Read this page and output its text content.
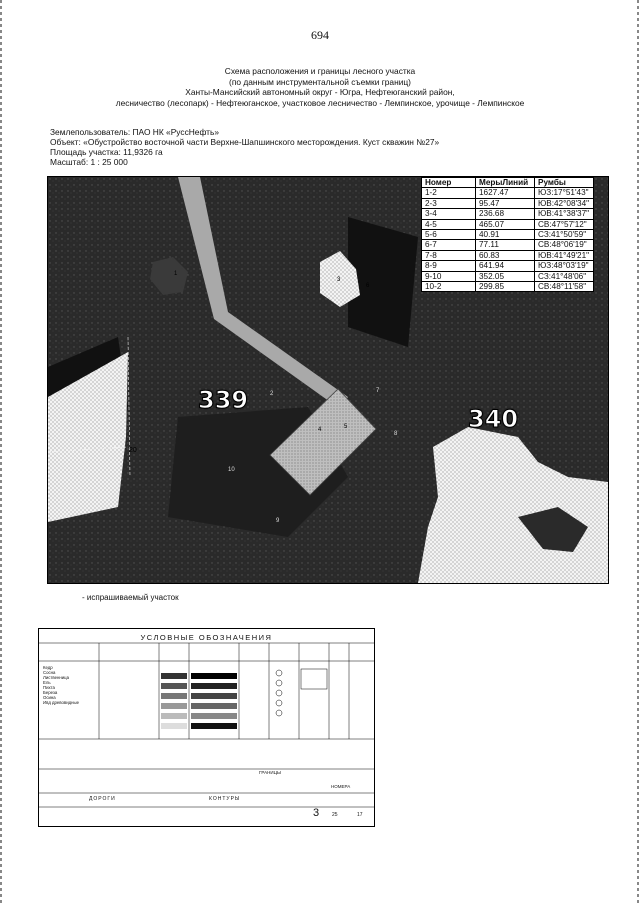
694
Схема расположения и границы лесного участка
(по данным инструментальной съемки границ)
Ханты-Мансийский автономный округ - Югра, Нефтеюганский район,
лесничество (лесопарк) - Нефтеюганское, участковое лесничество - Лемпинское, урочище - Лемпинское
Землепользователь: ПАО НК «РуссНефть»
Объект: «Обустройство восточной части Верхне-Шапшинского месторождения. Куст скважин №27»
Площадь участка: 11,9326 га
Масштаб: 1 : 25 000
339
340
1
2
3
4	5
6
7
8
9
10
20
Номер	МерыЛиний	Румбы
1-2	1627.47	ЮЗ:17°51'43"
2-3	95.47	ЮВ:42°08'34"
3-4	236.68	ЮВ:41°38'37"
4-5	465.07	СВ:47°57'12"
5-6	40.91	СЗ:41°50'59"
6-7	77.11	СВ:48°06'19"
7-8	60.83	ЮВ:41°49'21"
8-9	641.94	ЮЗ:48°03'19"
9-10	352.05	СЗ:41°48'06"
10-2	299.85	СВ:48°11'58"
- испрашиваемый участок
УСЛОВНЫЕ ОБОЗНАЧЕНИЯ
Кедр
Сосна
Лиственница
Ель
Пихта
Береза
Осина
Ивд древовидные
ГРАНИЦЫ
ДОРОГИ	КОНТУРЫ
НОМЕРА
3	25	17
